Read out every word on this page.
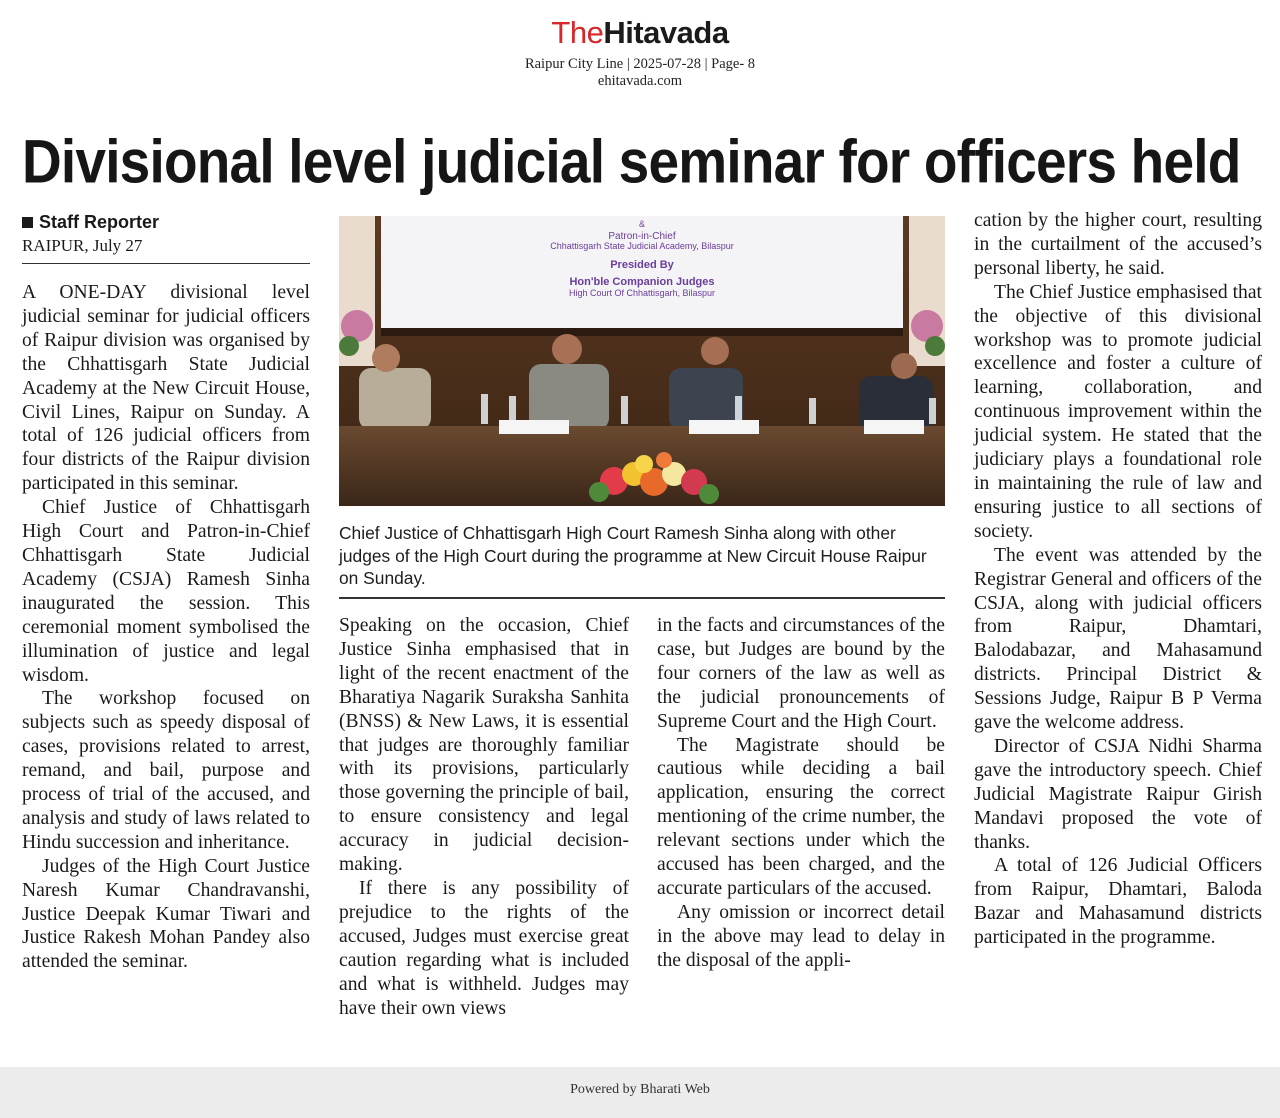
TheHitavada
Raipur City Line | 2025-07-28 | Page- 8
ehitavada.com
Divisional level judicial seminar for officers held
Staff Reporter
RAIPUR, July 27

A ONE-DAY divisional level judicial seminar for judicial officers of Raipur division was organised by the Chhattisgarh State Judicial Academy at the New Circuit House, Civil Lines, Raipur on Sunday. A total of 126 judicial officers from four districts of the Raipur division participated in this seminar.

Chief Justice of Chhattisgarh High Court and Patron-in-Chief Chhattisgarh State Judicial Academy (CSJA) Ramesh Sinha inaugurated the session. This ceremonial moment symbolised the illumination of justice and legal wisdom.

The workshop focused on subjects such as speedy disposal of cases, provisions related to arrest, remand, and bail, purpose and process of trial of the accused, and analysis and study of laws related to Hindu succession and inheritance.

Judges of the High Court Justice Naresh Kumar Chandravanshi, Justice Deepak Kumar Tiwari and Justice Rakesh Mohan Pandey also attended the seminar.

&
Patron-in-Chief
Chhattisgarh State Judicial Academy, Bilaspur
Presided By
Hon'ble Companion Judges
High Court Of Chhattisgarh, Bilaspur
Chief Justice of Chhattisgarh High Court Ramesh Sinha along with other judges of the High Court during the programme at New Circuit House Raipur on Sunday.

Speaking on the occasion, Chief Justice Sinha emphasised that in light of the recent enactment of the Bharatiya Nagarik Suraksha Sanhita (BNSS) & New Laws, it is essential that judges are thoroughly familiar with its provisions, particularly those governing the principle of bail, to ensure consistency and legal accuracy in judicial decision-making.

If there is any possibility of prejudice to the rights of the accused, Judges must exercise great caution regarding what is included and what is withheld. Judges may have their own views

in the facts and circumstances of the case, but Judges are bound by the four corners of the law as well as the judicial pronouncements of Supreme Court and the High Court.

The Magistrate should be cautious while deciding a bail application, ensuring the correct mentioning of the crime number, the relevant sections under which the accused has been charged, and the accurate particulars of the accused.

Any omission or incorrect detail in the above may lead to delay in the disposal of the appli-

cation by the higher court, resulting in the curtailment of the accused’s personal liberty, he said.

The Chief Justice emphasised that the objective of this divisional workshop was to promote judicial excellence and foster a culture of learning, collaboration, and continuous improvement within the judicial system. He stated that the judiciary plays a foundational role in maintaining the rule of law and ensuring justice to all sections of society.

The event was attended by the Registrar General and officers of the CSJA, along with judicial officers from Raipur, Dhamtari, Balodabazar, and Mahasamund districts. Principal District & Sessions Judge, Raipur B P Verma gave the welcome address.

Director of CSJA Nidhi Sharma gave the introductory speech. Chief Judicial Magistrate Raipur Girish Mandavi proposed the vote of thanks.

A total of 126 Judicial Officers from Raipur, Dhamtari, Baloda Bazar and Mahasamund districts participated in the programme.

Powered by Bharati Web
